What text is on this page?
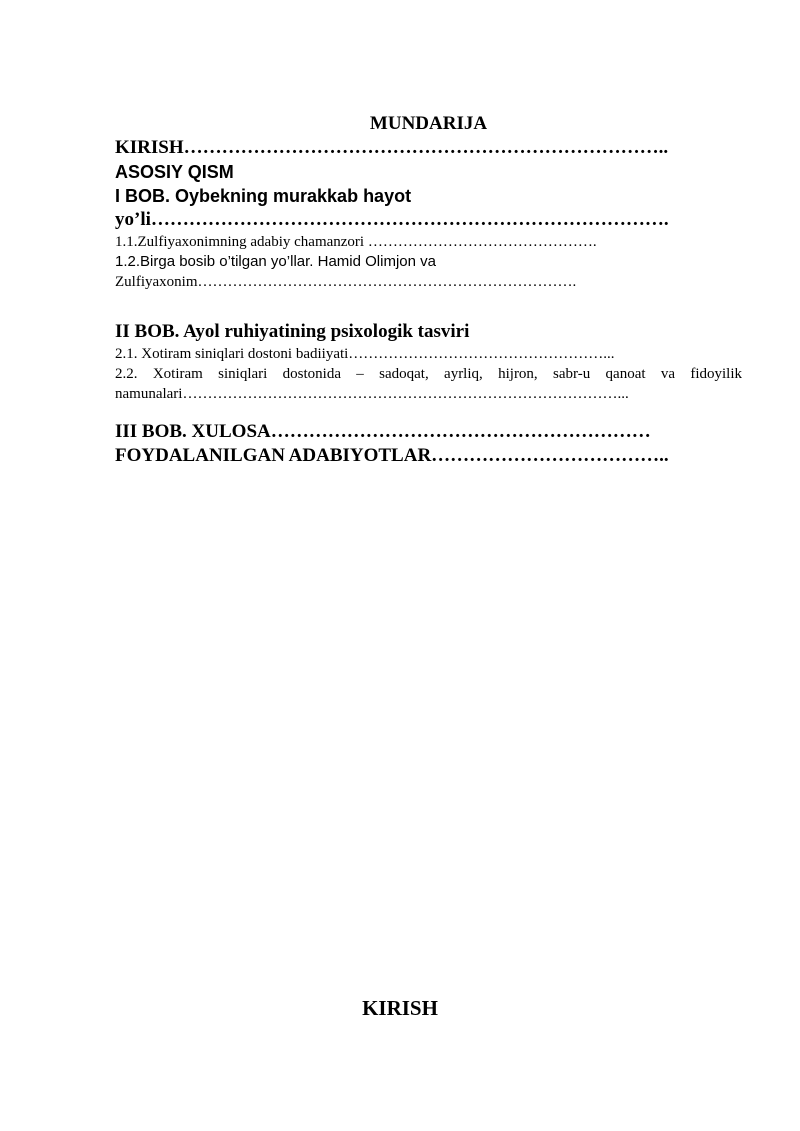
MUNDARIJA
KIRISH…………………………………………………………………..
ASOSIY QISM
I BOB. Oybekning murakkab hayot
yo’li……………………………………………………………………….
1.1.Zulfiyaxonimning adabiy chamanzori ……………………………………….
1.2.Birga bosib o’tilgan yo’llar. Hamid Olimjon va
Zulfiyaxonim………………………………………………………………….
II BOB. Ayol ruhiyatining psixologik tasviri
2.1. Xotiram siniqlari dostoni badiiyati……………………………………………...
2.2. Xotiram siniqlari dostonida – sadoqat, ayrliq, hijron, sabr-u qanoat va fidoyilik namunalari……………………………………………………………………………...
III BOB. XULOSA……………………………………………………
FOYDALANILGAN ADABIYOTLAR………………………………..
KIRISH
